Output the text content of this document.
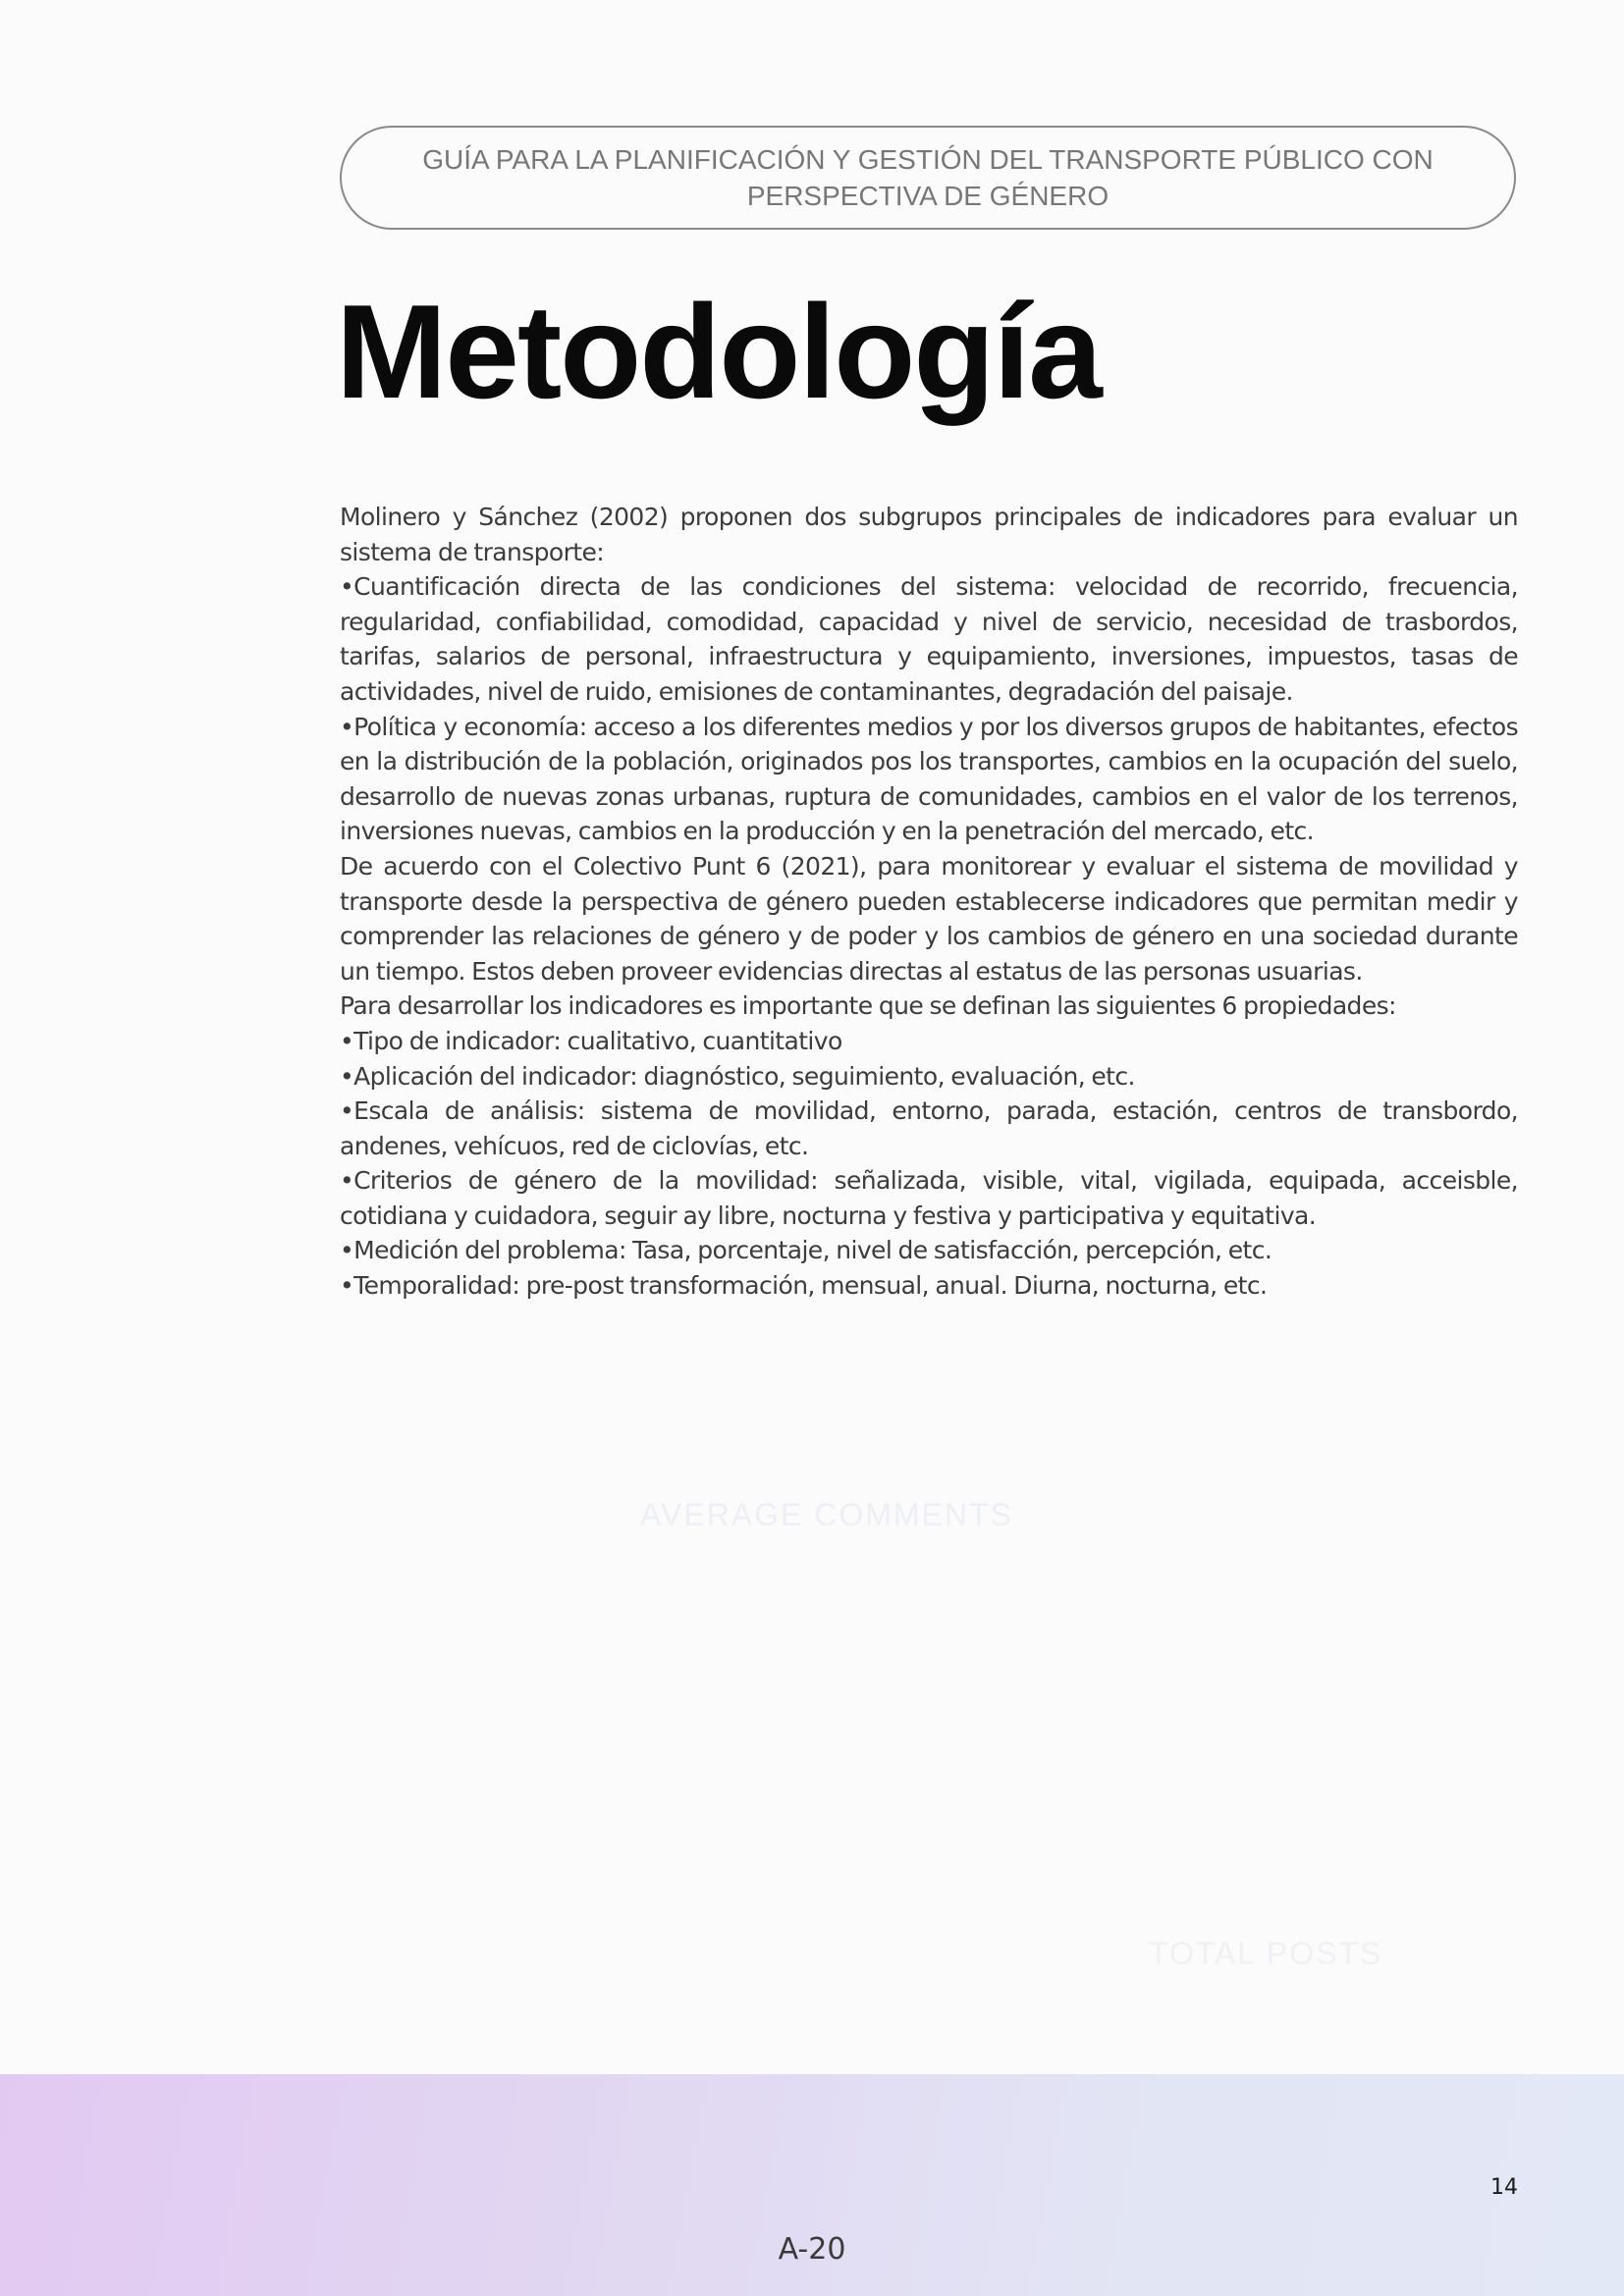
GUÍA PARA LA PLANIFICACIÓN Y GESTIÓN DEL TRANSPORTE PÚBLICO CON
PERSPECTIVA DE GÉNERO
Metodología

Molinero y Sánchez (2002) proponen dos subgrupos principales de indicadores para evaluar un sistema de transporte:

•Cuantificación directa de las condiciones del sistema: velocidad de recorrido, frecuencia, regularidad, confiabilidad, comodidad, capacidad y nivel de servicio, necesidad de trasbordos, tarifas, salarios de personal, infraestructura y equipamiento, inversiones, impuestos, tasas de actividades, nivel de ruido, emisiones de contaminantes, degradación del paisaje.

•Política y economía: acceso a los diferentes medios y por los diversos grupos de habitantes, efectos en la distribución de la población, originados pos los transportes, cambios en la ocupación del suelo, desarrollo de nuevas zonas urbanas, ruptura de comunidades, cambios en el valor de los terrenos, inversiones nuevas, cambios en la producción y en la penetración del mercado, etc.

De acuerdo con el Colectivo Punt 6 (2021), para monitorear y evaluar el sistema de movilidad y transporte desde la perspectiva de género pueden establecerse indicadores que permitan medir y comprender las relaciones de género y de poder y los cambios de género en una sociedad durante un tiempo. Estos deben proveer evidencias directas al estatus de las personas usuarias.

Para desarrollar los indicadores es importante que se definan las siguientes 6 propiedades:

•Tipo de indicador: cualitativo, cuantitativo

•Aplicación del indicador: diagnóstico, seguimiento, evaluación, etc.

•Escala de análisis: sistema de movilidad, entorno, parada, estación, centros de transbordo, andenes, vehícuos, red de ciclovías, etc.

•Criterios de género de la movilidad: señalizada, visible, vital, vigilada, equipada, acceisble, cotidiana y cuidadora, seguir ay libre, nocturna y festiva y participativa y equitativa.

•Medición del problema: Tasa, porcentaje, nivel de satisfacción, percepción, etc.

•Temporalidad: pre-post transformación, mensual, anual. Diurna, nocturna, etc.

AVERAGE COMMENTS
TOTAL POSTS
14
A-20
